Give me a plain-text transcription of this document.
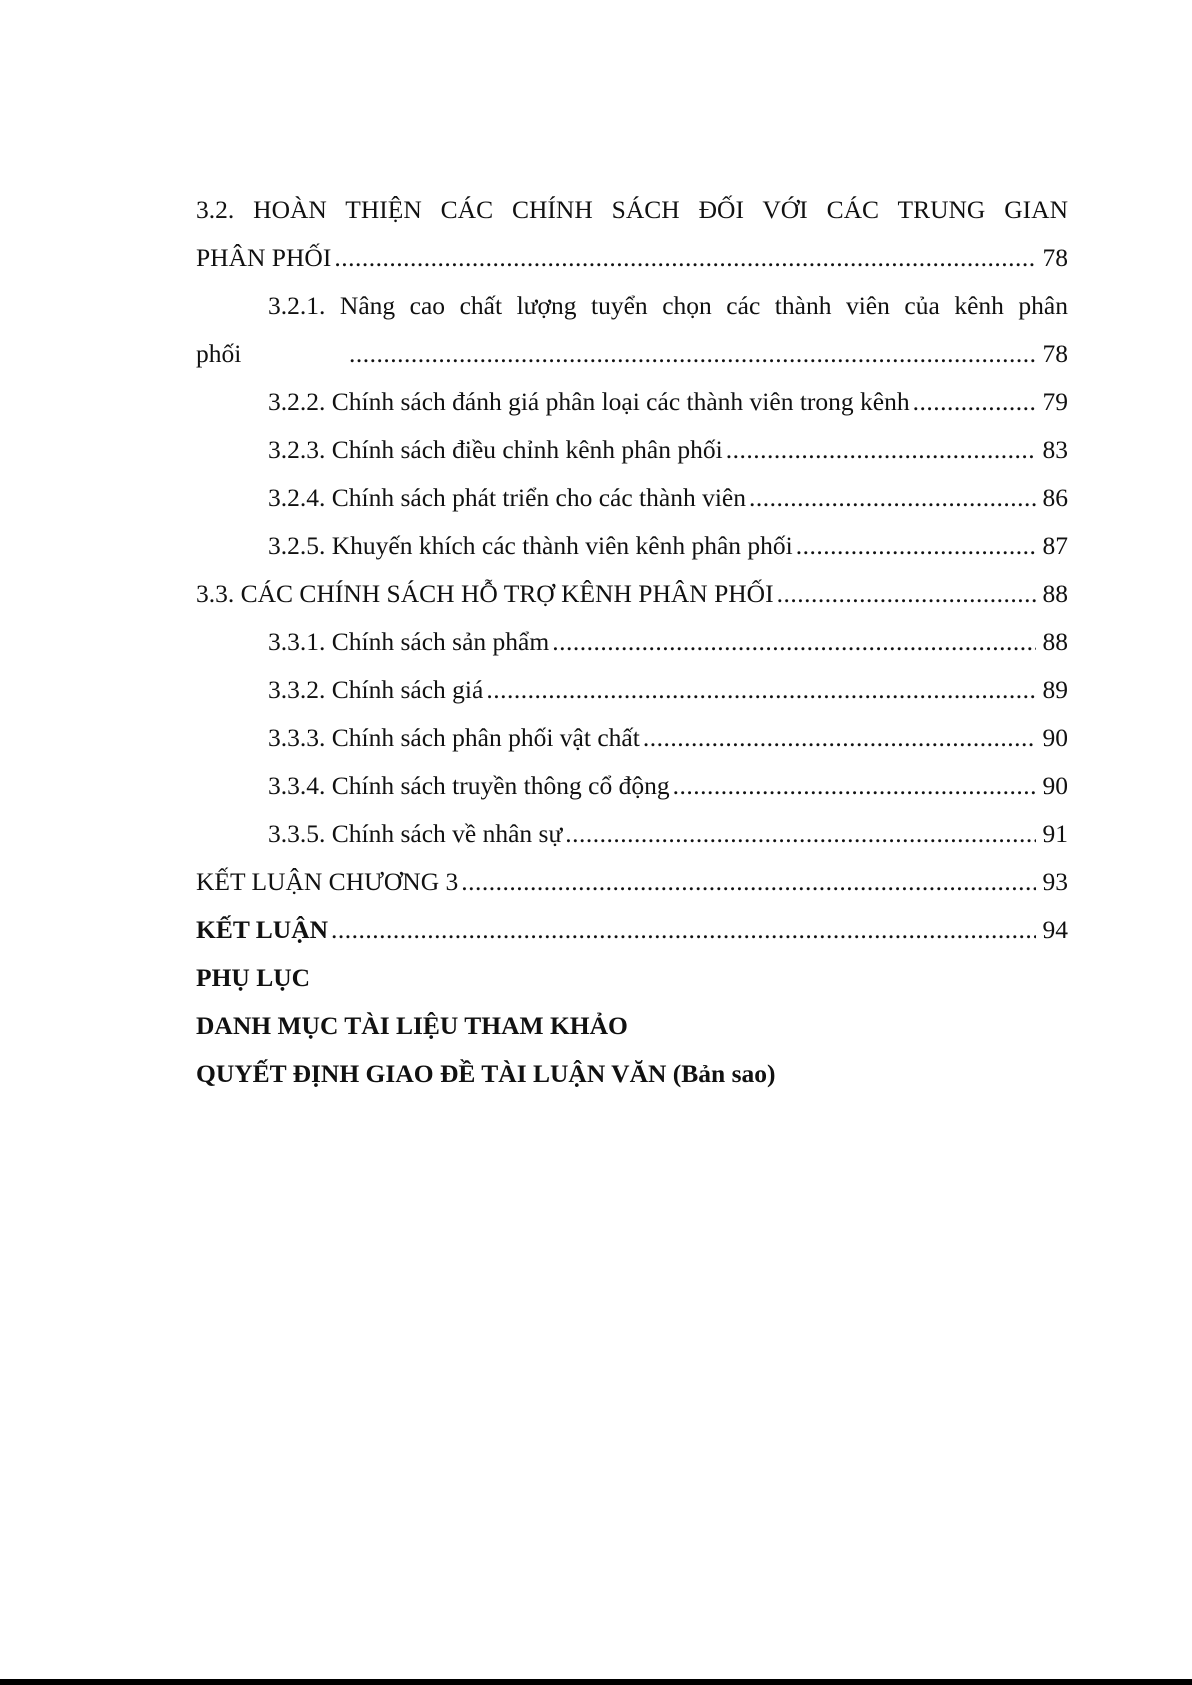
3.2. HOÀN THIỆN CÁC CHÍNH SÁCH ĐỐI VỚI CÁC TRUNG GIAN
PHÂN PHỐI .....	78
3.2.1. Nâng cao chất lượng tuyển chọn các thành viên của kênh phân
phối .....	78
3.2.2. Chính sách đánh giá phân loại các thành viên trong kênh .....	79
3.2.3. Chính sách điều chỉnh kênh phân phối .....	83
3.2.4. Chính sách phát triển cho các thành viên .....	86
3.2.5. Khuyến khích các thành viên kênh phân phối .....	87
3.3. CÁC CHÍNH SÁCH HỖ TRỢ KÊNH PHÂN PHỐI .....	88
3.3.1. Chính sách sản phẩm .....	88
3.3.2. Chính sách giá .....	89
3.3.3. Chính sách phân phối vật chất .....	90
3.3.4. Chính sách truyền thông cổ động .....	90
3.3.5. Chính sách về nhân sự .....	91
KẾT LUẬN CHƯƠNG 3 .....	93
KẾT LUẬN .....	94
PHỤ LỤC
DANH MỤC TÀI LIỆU THAM KHẢO
QUYẾT ĐỊNH GIAO ĐỀ TÀI LUẬN VĂN (Bản sao)
